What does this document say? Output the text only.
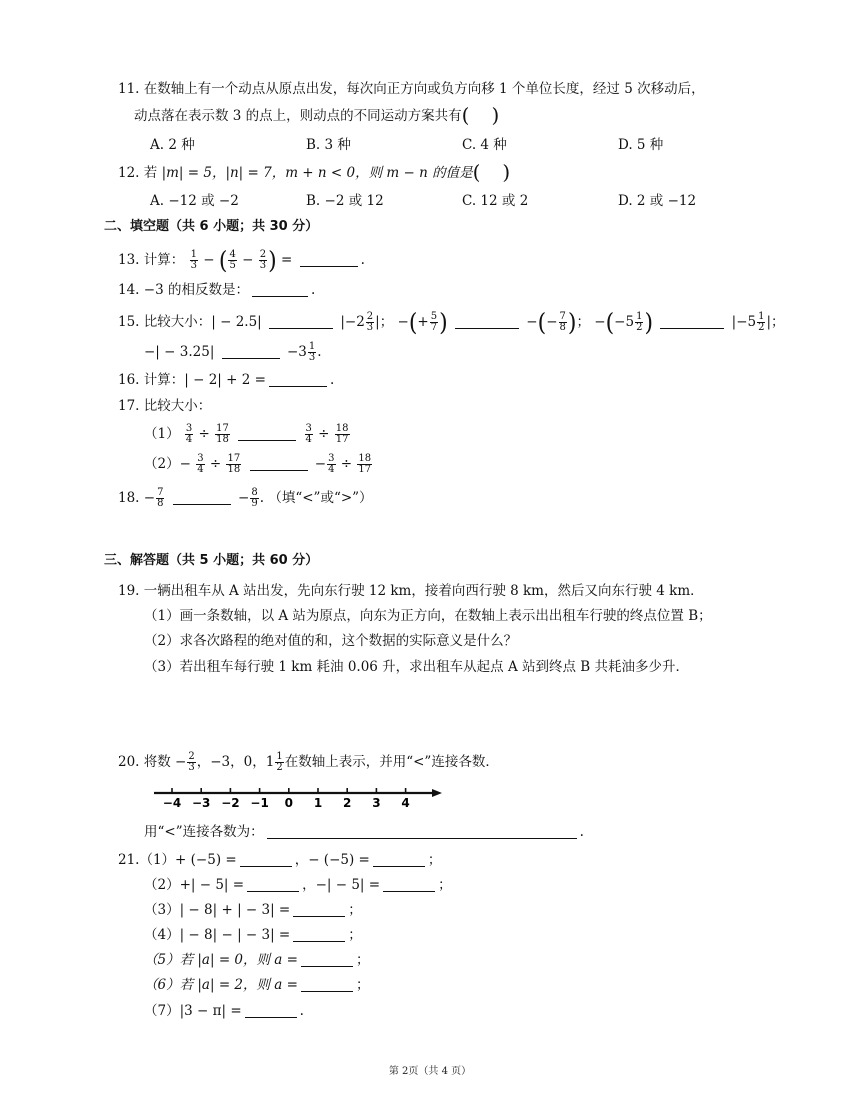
11. 在数轴上有一个动点从原点出发，每次向正方向或负方向移 1 个单位长度，经过 5 次移动后，
动点落在表示数 3 的点上，则动点的不同运动方案共有( )
A. 2 种	B. 3 种	C. 4 种	D. 5 种
12. 若 |m| = 5，|n| = 7，m + n < 0，则 m − n 的值是( )
A. −12 或 −2	B. −2 或 12	C. 12 或 2	D. 2 或 −12
二、填空题（共 6 小题；共 30 分）
13. 计算： $\frac{1}{3}$ − ( $\frac{4}{5} - \frac{2}{3}$ ) =	.
14. −3 的相反数是：	.
15. 比较大小：| − 2.5|	$|-2 \frac{2}{3}$ |； −(+ $\frac{5}{7}$ )	−(− $\frac{7}{8}$ )； $-(-5 \frac{1}{2}$ )	$|-5 \frac{1}{2}$ |；
−| − 3.25|	$-3 \frac{1}{3}$ .
16. 计算：| − 2| + 2 =	.
17. 比较大小：
$(1) \frac{3}{4} \div \frac{17}{18}$
	$\frac{3}{4} \div \frac{18}{17}$
$(2)- \frac{3}{4} \div \frac{17}{18}$	− $\frac{3}{4} \div \frac{18}{17}$
18. − $\frac{7}{8}$	− $\frac{8}{9}$ . （填“<”或“>”）
三、解答题（共 5 小题；共 60 分）
19. 一辆出租车从 A 站出发，先向东行驶 12 km，接着向西行驶 8 km，然后又向东行驶 4 km．
（1）画一条数轴，以 A 站为原点，向东为正方向，在数轴上表示出出租车行驶的终点位置 B；
（2）求各次路程的绝对值的和，这个数据的实际意义是什么？
（3）若出租车每行驶 1 km 耗油 0.06 升，求出租车从起点 A 站到终点 B 共耗油多少升．
20. 将数 − $\frac{2}{3}$ ，−3，0，$1 \frac{1}{2}$ 在数轴上表示，并用“<”连接各数．
−4 −3 −2 −1 0 1 2 3 4
用“<”连接各数为：	.
21.（1）+ (−5) =	，− (−5) =	；
（2）+| − 5| =	，−| − 5| =	；
（3）| − 8| + | − 3| =	；
（4）| − 8| − | − 3| =	；
（5）若 |a| = 0，则 a =	；
（6）若 |a| = 2，则 a =	；
（7）|3 − π| =	.
第 2页（共 4 页）
